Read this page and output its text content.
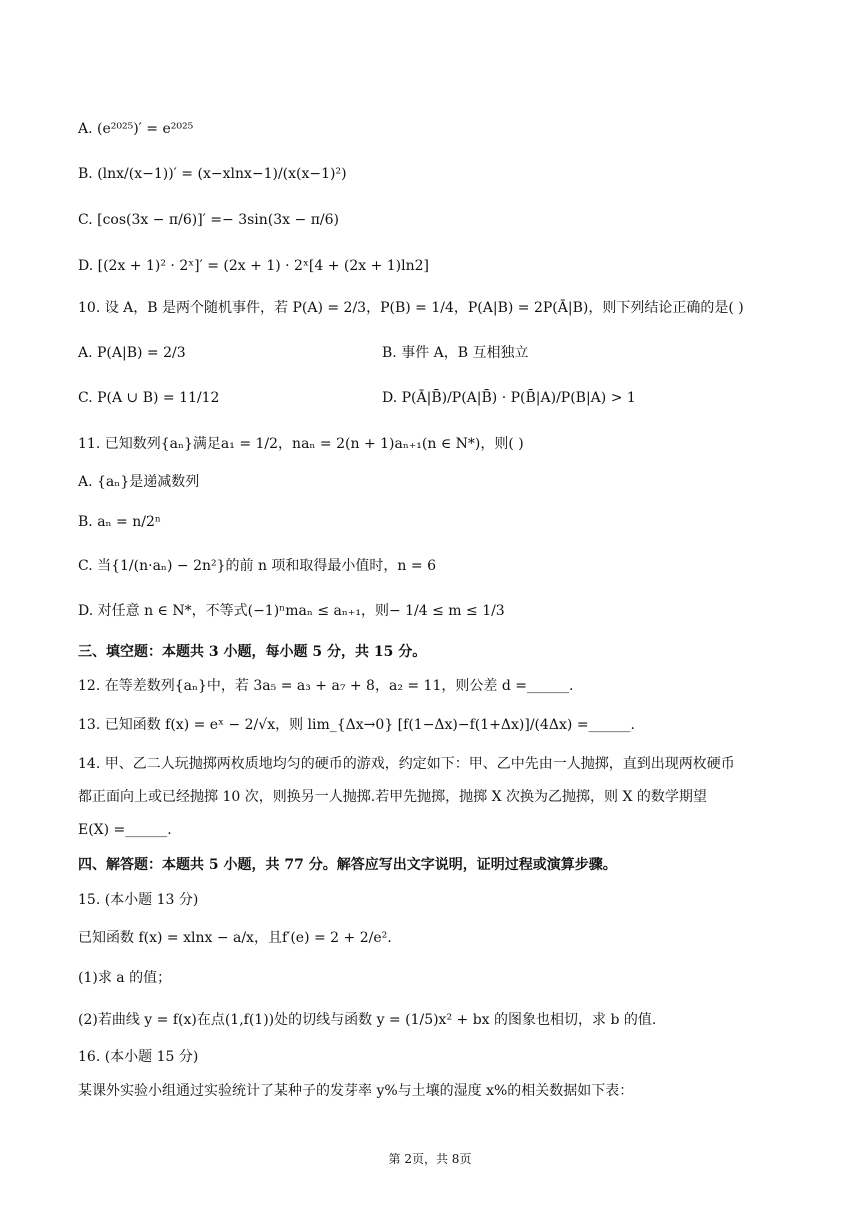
A. (e²⁰²⁵)′ = e²⁰²⁵
B. (lnx/(x−1))′ = (x−xlnx−1)/(x(x−1)²)
C. [cos(3x − π/6)]′ =− 3sin(3x − π/6)
D. [(2x + 1)² · 2ˣ]′ = (2x + 1) · 2ˣ[4 + (2x + 1)ln2]
10. 设 A，B 是两个随机事件，若 P(A) = 2/3，P(B) = 1/4，P(A|B) = 2P(Ā|B)，则下列结论正确的是( )
A. P(A|B) = 2/3	B. 事件 A，B 互相独立
C. P(A ∪ B) = 11/12	D. P(Ā|B̄)/P(A|B̄) · P(B̄|A)/P(B|A) > 1
11. 已知数列{aₙ}满足a₁ = 1/2，naₙ = 2(n + 1)aₙ₊₁(n ∈ N*)，则( )
A. {aₙ}是递减数列
B. aₙ = n/2ⁿ
C. 当{1/(n·aₙ) − 2n²}的前 n 项和取得最小值时，n = 6
D. 对任意 n ∈ N*，不等式(−1)ⁿmaₙ ≤ aₙ₊₁，则− 1/4 ≤ m ≤ 1/3
三、填空题：本题共 3 小题，每小题 5 分，共 15 分。
12. 在等差数列{aₙ}中，若 3a₅ = a₃ + a₇ + 8，a₂ = 11，则公差 d =______.
13. 已知函数 f(x) = eˣ − 2/√x，则 lim_{Δx→0} [f(1−Δx)−f(1+Δx)]/(4Δx) =______.
14. 甲、乙二人玩抛掷两枚质地均匀的硬币的游戏，约定如下：甲、乙中先由一人抛掷，直到出现两枚硬币
都正面向上或已经抛掷 10 次，则换另一人抛掷.若甲先抛掷，抛掷 X 次换为乙抛掷，则 X 的数学期望
E(X) =______.
四、解答题：本题共 5 小题，共 77 分。解答应写出文字说明，证明过程或演算步骤。
15. (本小题 13 分)
已知函数 f(x) = xlnx − a/x，且f′(e) = 2 + 2/e².
(1)求 a 的值；
(2)若曲线 y = f(x)在点(1,f(1))处的切线与函数 y = (1/5)x² + bx 的图象也相切，求 b 的值.
16. (本小题 15 分)
某课外实验小组通过实验统计了某种子的发芽率 y%与土壤的湿度 x%的相关数据如下表：
第 2页，共 8页
